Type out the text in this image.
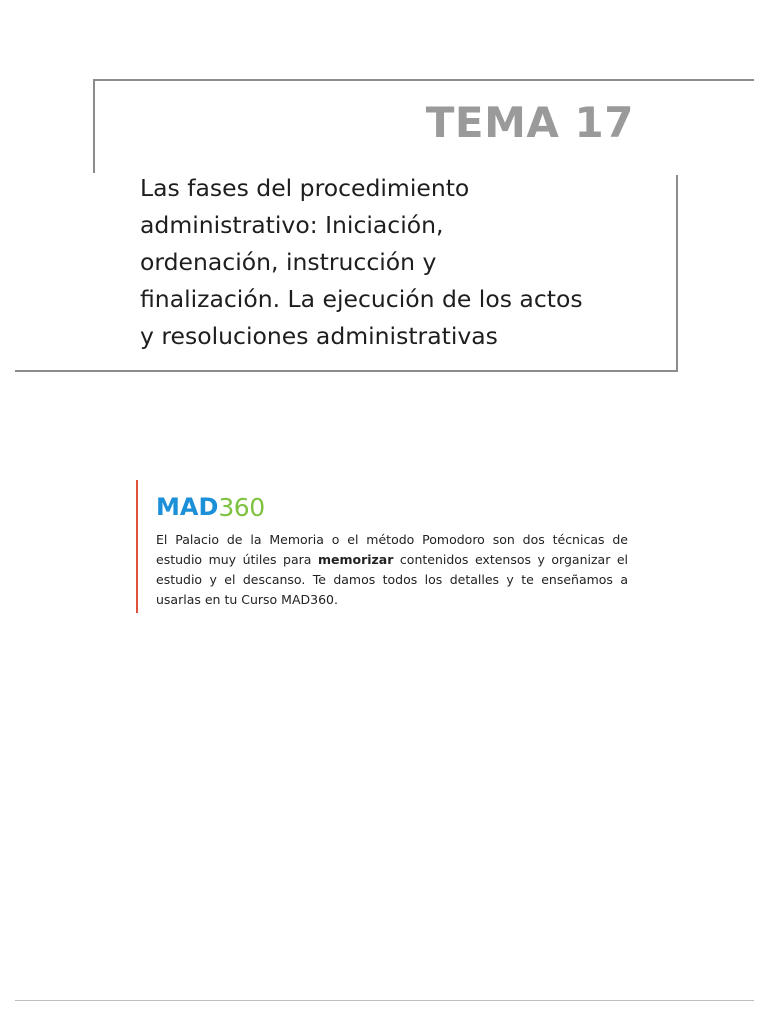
TEMA 17
Las fases del procedimiento
administrativo: Iniciación,
ordenación, instrucción y
finalización. La ejecución de los actos
y resoluciones administrativas
MAD 360

El Palacio de la Memoria o el método Pomodoro son dos técnicas de
estudio muy útiles para memorizar contenidos extensos y organizar el
estudio y el descanso. Te damos todos los detalles y te enseñamos a
usarlas en tu Curso MAD360.
